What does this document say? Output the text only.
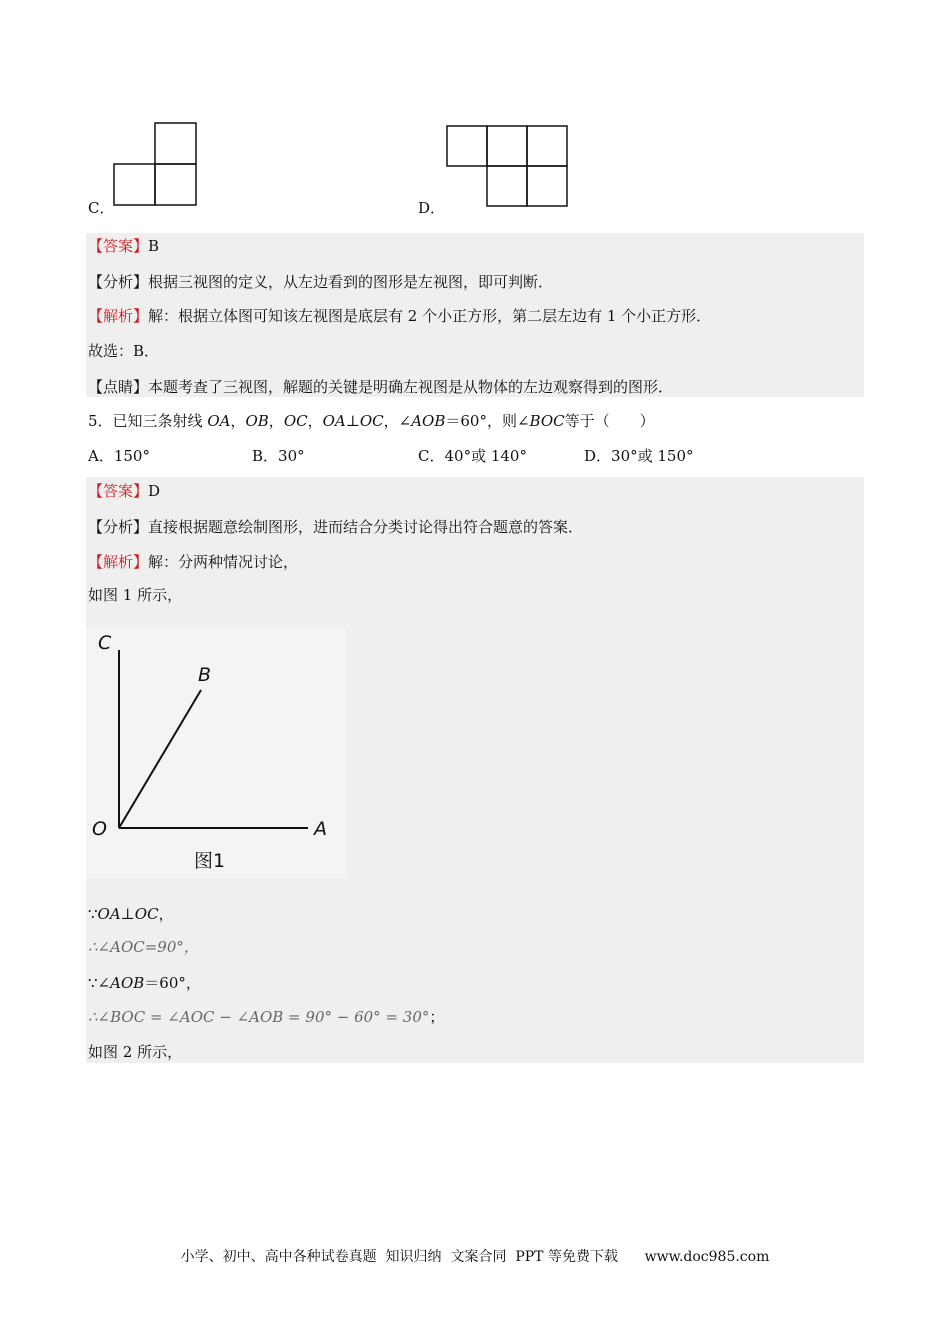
C．	D．
【答案】B
【分析】根据三视图的定义，从左边看到的图形是左视图，即可判断．
【解析】解：根据立体图可知该左视图是底层有 2 个小正方形，第二层左边有 1 个小正方形．
故选：B．
【点睛】本题考查了三视图，解题的关键是明确左视图是从物体的左边观察得到的图形．
5．已知三条射线 OA，OB，OC，OA⊥OC，∠AOB＝60°，则∠BOC等于（　　）
A．150°	B．30°	C．40°或 140°	D．30°或 150°
【答案】D
【分析】直接根据题意绘制图形，进而结合分类讨论得出符合题意的答案．
【解析】解：分两种情况讨论，
如图 1 所示，
C
B
O	A
图1
∵OA⊥OC，
∴∠AOC=90°，
∵∠AOB＝60°，
∴∠BOC = ∠AOC − ∠AOB = 90° − 60° = 30°；
如图 2 所示，
小学、初中、高中各种试卷真题  知识归纳  文案合同  PPT 等免费下载      www.doc985.com
